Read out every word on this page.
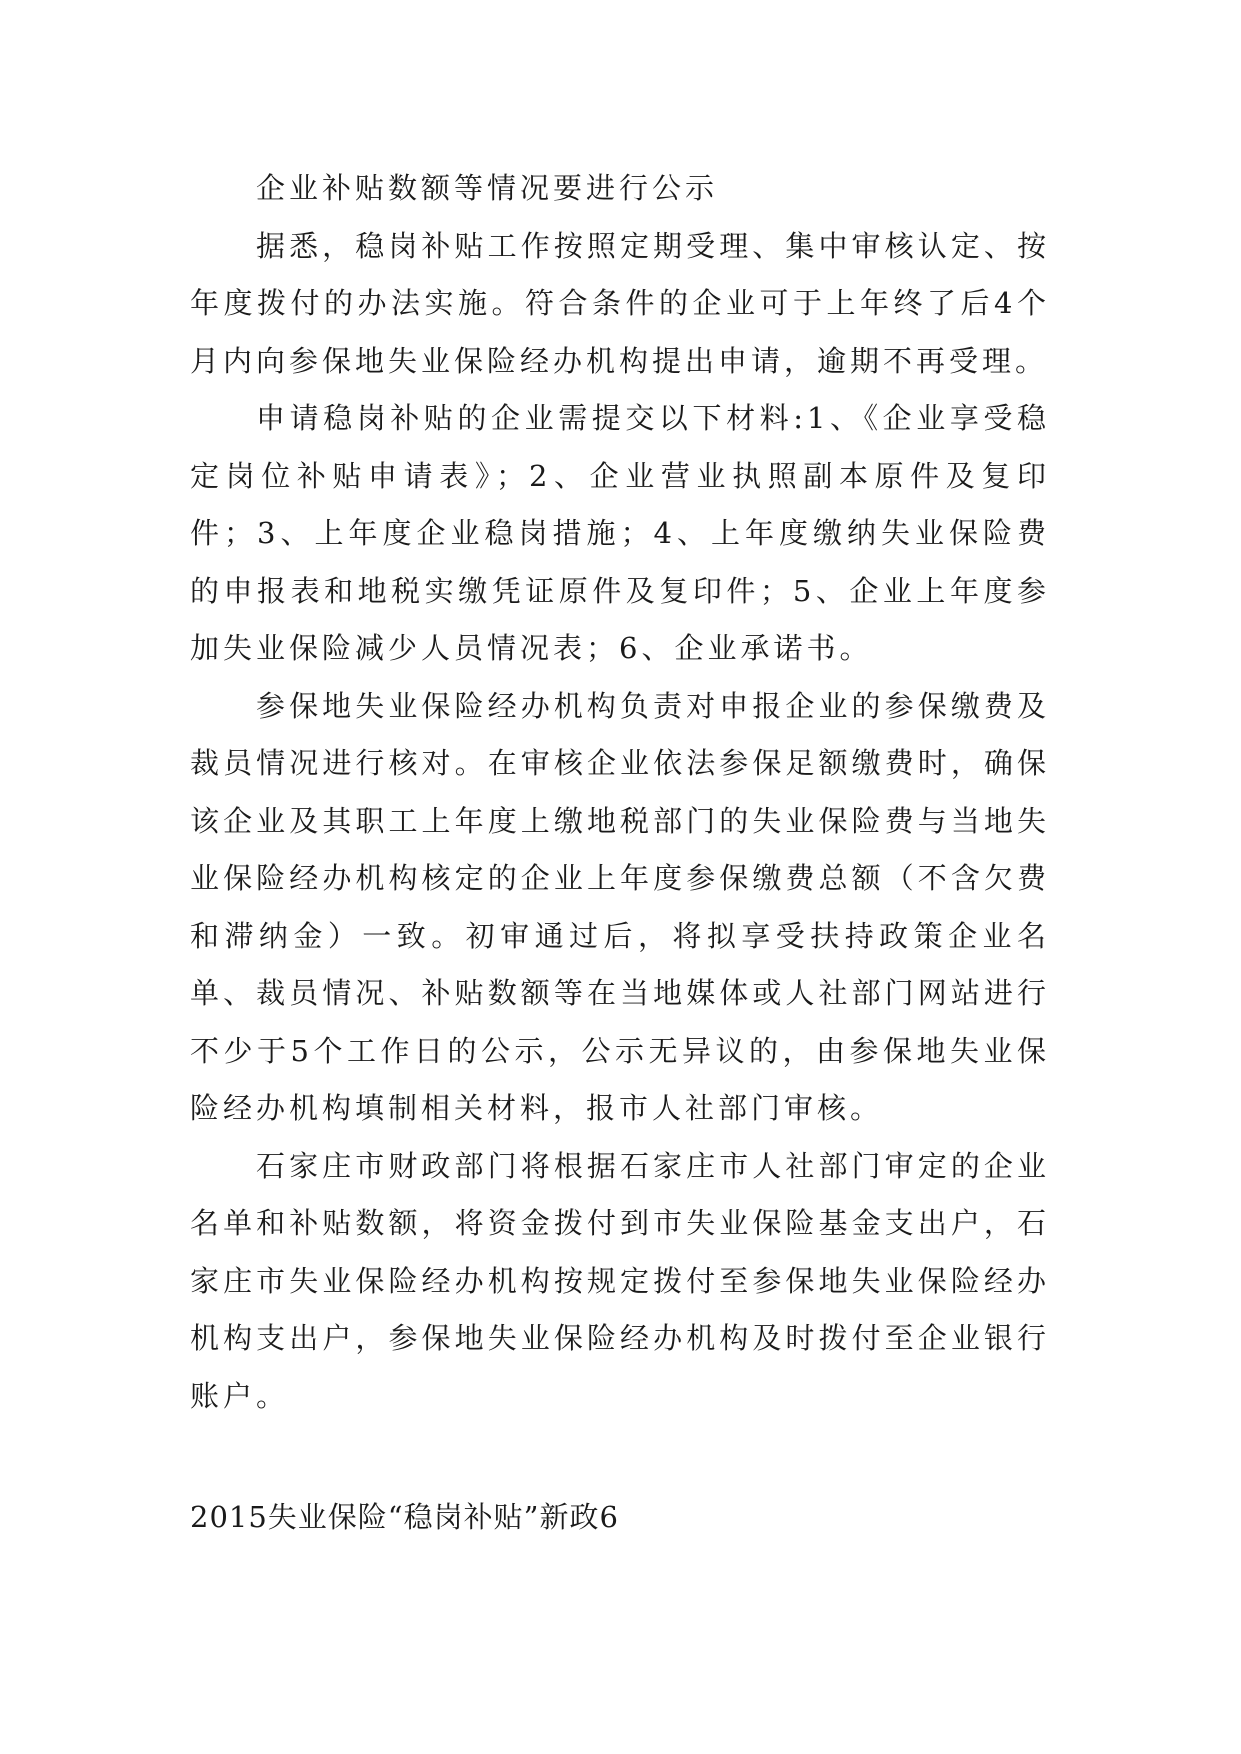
企业补贴数额等情况要进行公示

据悉，稳岗补贴工作按照定期受理、集中审核认定、按年度拨付的办法实施。符合条件的企业可于上年终了后4个月内向参保地失业保险经办机构提出申请，逾期不再受理。

申请稳岗补贴的企业需提交以下材料:1、《企业享受稳定岗位补贴申请表》；2、企业营业执照副本原件及复印件；3、上年度企业稳岗措施；4、上年度缴纳失业保险费的申报表和地税实缴凭证原件及复印件；5、企业上年度参加失业保险减少人员情况表；6、企业承诺书。

参保地失业保险经办机构负责对申报企业的参保缴费及裁员情况进行核对。在审核企业依法参保足额缴费时，确保该企业及其职工上年度上缴地税部门的失业保险费与当地失业保险经办机构核定的企业上年度参保缴费总额（不含欠费和滞纳金）一致。初审通过后，将拟享受扶持政策企业名单、裁员情况、补贴数额等在当地媒体或人社部门网站进行不少于5个工作日的公示，公示无异议的，由参保地失业保险经办机构填制相关材料，报市人社部门审核。

石家庄市财政部门将根据石家庄市人社部门审定的企业名单和补贴数额，将资金拨付到市失业保险基金支出户，石家庄市失业保险经办机构按规定拨付至参保地失业保险经办机构支出户，参保地失业保险经办机构及时拨付至企业银行账户。

2015失业保险“稳岗补贴”新政6
